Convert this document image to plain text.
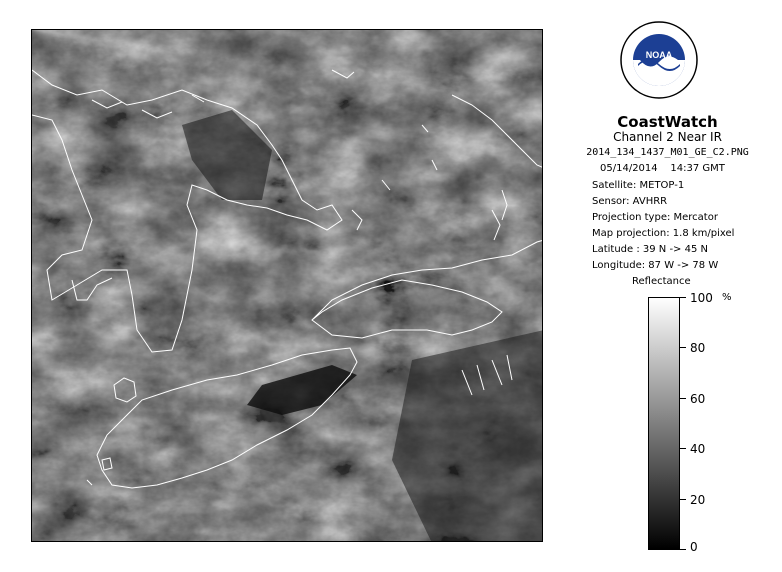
NOAA
CoastWatch
Channel 2 Near IR
2014_134_1437_M01_GE_C2.PNG
05/14/2014 14:37 GMT
Satellite: METOP-1
Sensor: AVHRR
Projection type: Mercator
Map projection: 1.8 km/pixel
Latitude : 39 N -> 45 N
Longitude: 87 W -> 78 W
Reflectance
%
100
80
60
40
20
0
